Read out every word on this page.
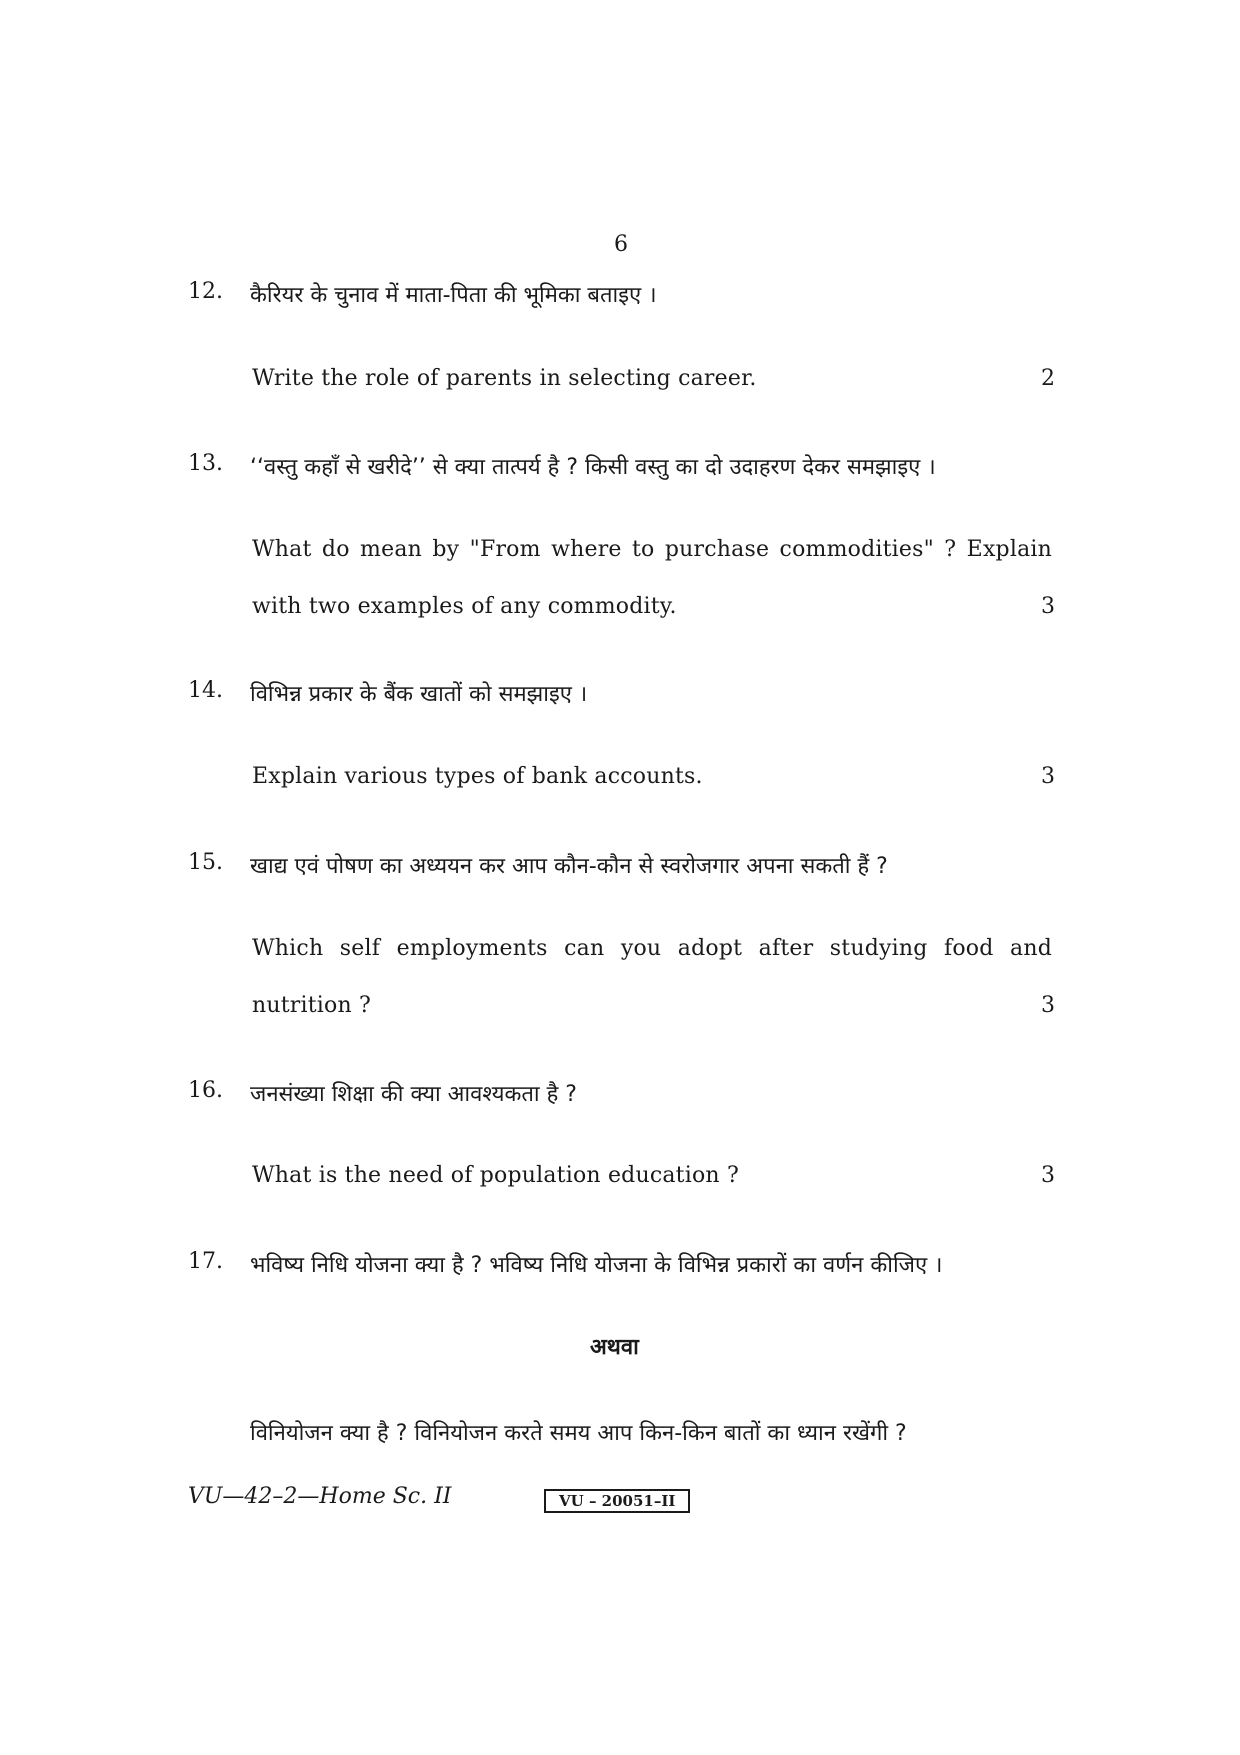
6
12. कैरियर के चुनाव में माता-पिता की भूमिका बताइए ।
Write the role of parents in selecting career.	2
13. ‘‘वस्तु कहाँ से खरीदे’’ से क्या तात्पर्य है ? किसी वस्तु का दो उदाहरण देकर समझाइए ।
What do mean by "From where to purchase commodities" ? Explain
with two examples of any commodity.	3
14. विभिन्न प्रकार के बैंक खातों को समझाइए ।
Explain various types of bank accounts.	3
15. खाद्य एवं पोषण का अध्ययन कर आप कौन-कौन से स्वरोजगार अपना सकती हैं ?
Which self employments can you adopt after studying food and
nutrition ?	3
16. जनसंख्या शिक्षा की क्या आवश्यकता है ?
What is the need of population education ?	3
17. भविष्य निधि योजना क्या है ? भविष्य निधि योजना के विभिन्न प्रकारों का वर्णन कीजिए ।
अथवा
विनियोजन क्या है ? विनियोजन करते समय आप किन-किन बातों का ध्यान रखेंगी ?
VU—42–2—Home Sc. II	VU – 20051–II
